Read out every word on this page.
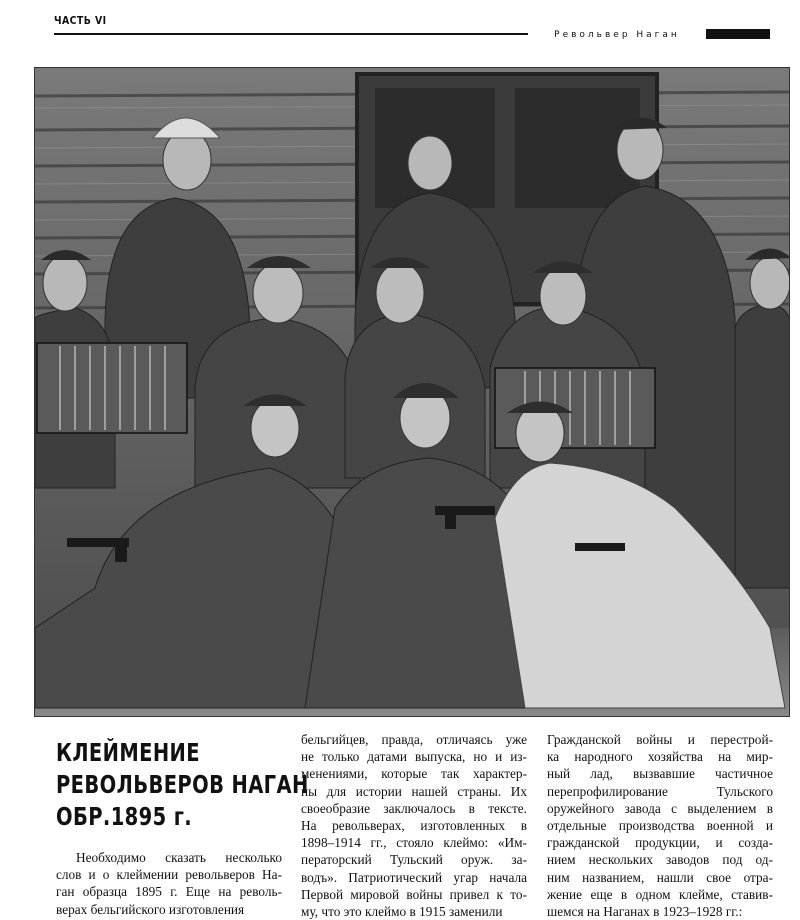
ЧАСТЬ VI
Револьвер Наган
КЛЕЙМЕНИЕ
РЕВОЛЬВЕРОВ НАГАН
ОБР.1895 г.
Необходимо сказать несколько
слов и о клеймении револьверов На-
ган образца 1895 г. Еще на револь-
верах бельгийского изготовления
бельгийцев, правда, отличаясь уже
не только датами выпуска, но и из-
менениями, которые так характер-
ны для истории нашей страны. Их
своеобразие заключалось в тексте.
На револьверах, изготовленных в
1898–1914 гг., стояло клеймо: «Им-
ператорский Тульский оруж. за-
водъ». Патриотический угар начала
Первой мировой войны привел к то-
му, что это клеймо в 1915 заменили
Гражданской войны и перестрой-
ка народного хозяйства на мир-
ный лад, вызвавшие частичное
перепрофилирование Тульского
оружейного завода с выделением в
отдельные производства военной и
гражданской продукции, и созда-
нием нескольких заводов под од-
ним названием, нашли свое отра-
жение еще в одном клейме, ставив-
шемся на Наганах в 1923–1928 гг.:
